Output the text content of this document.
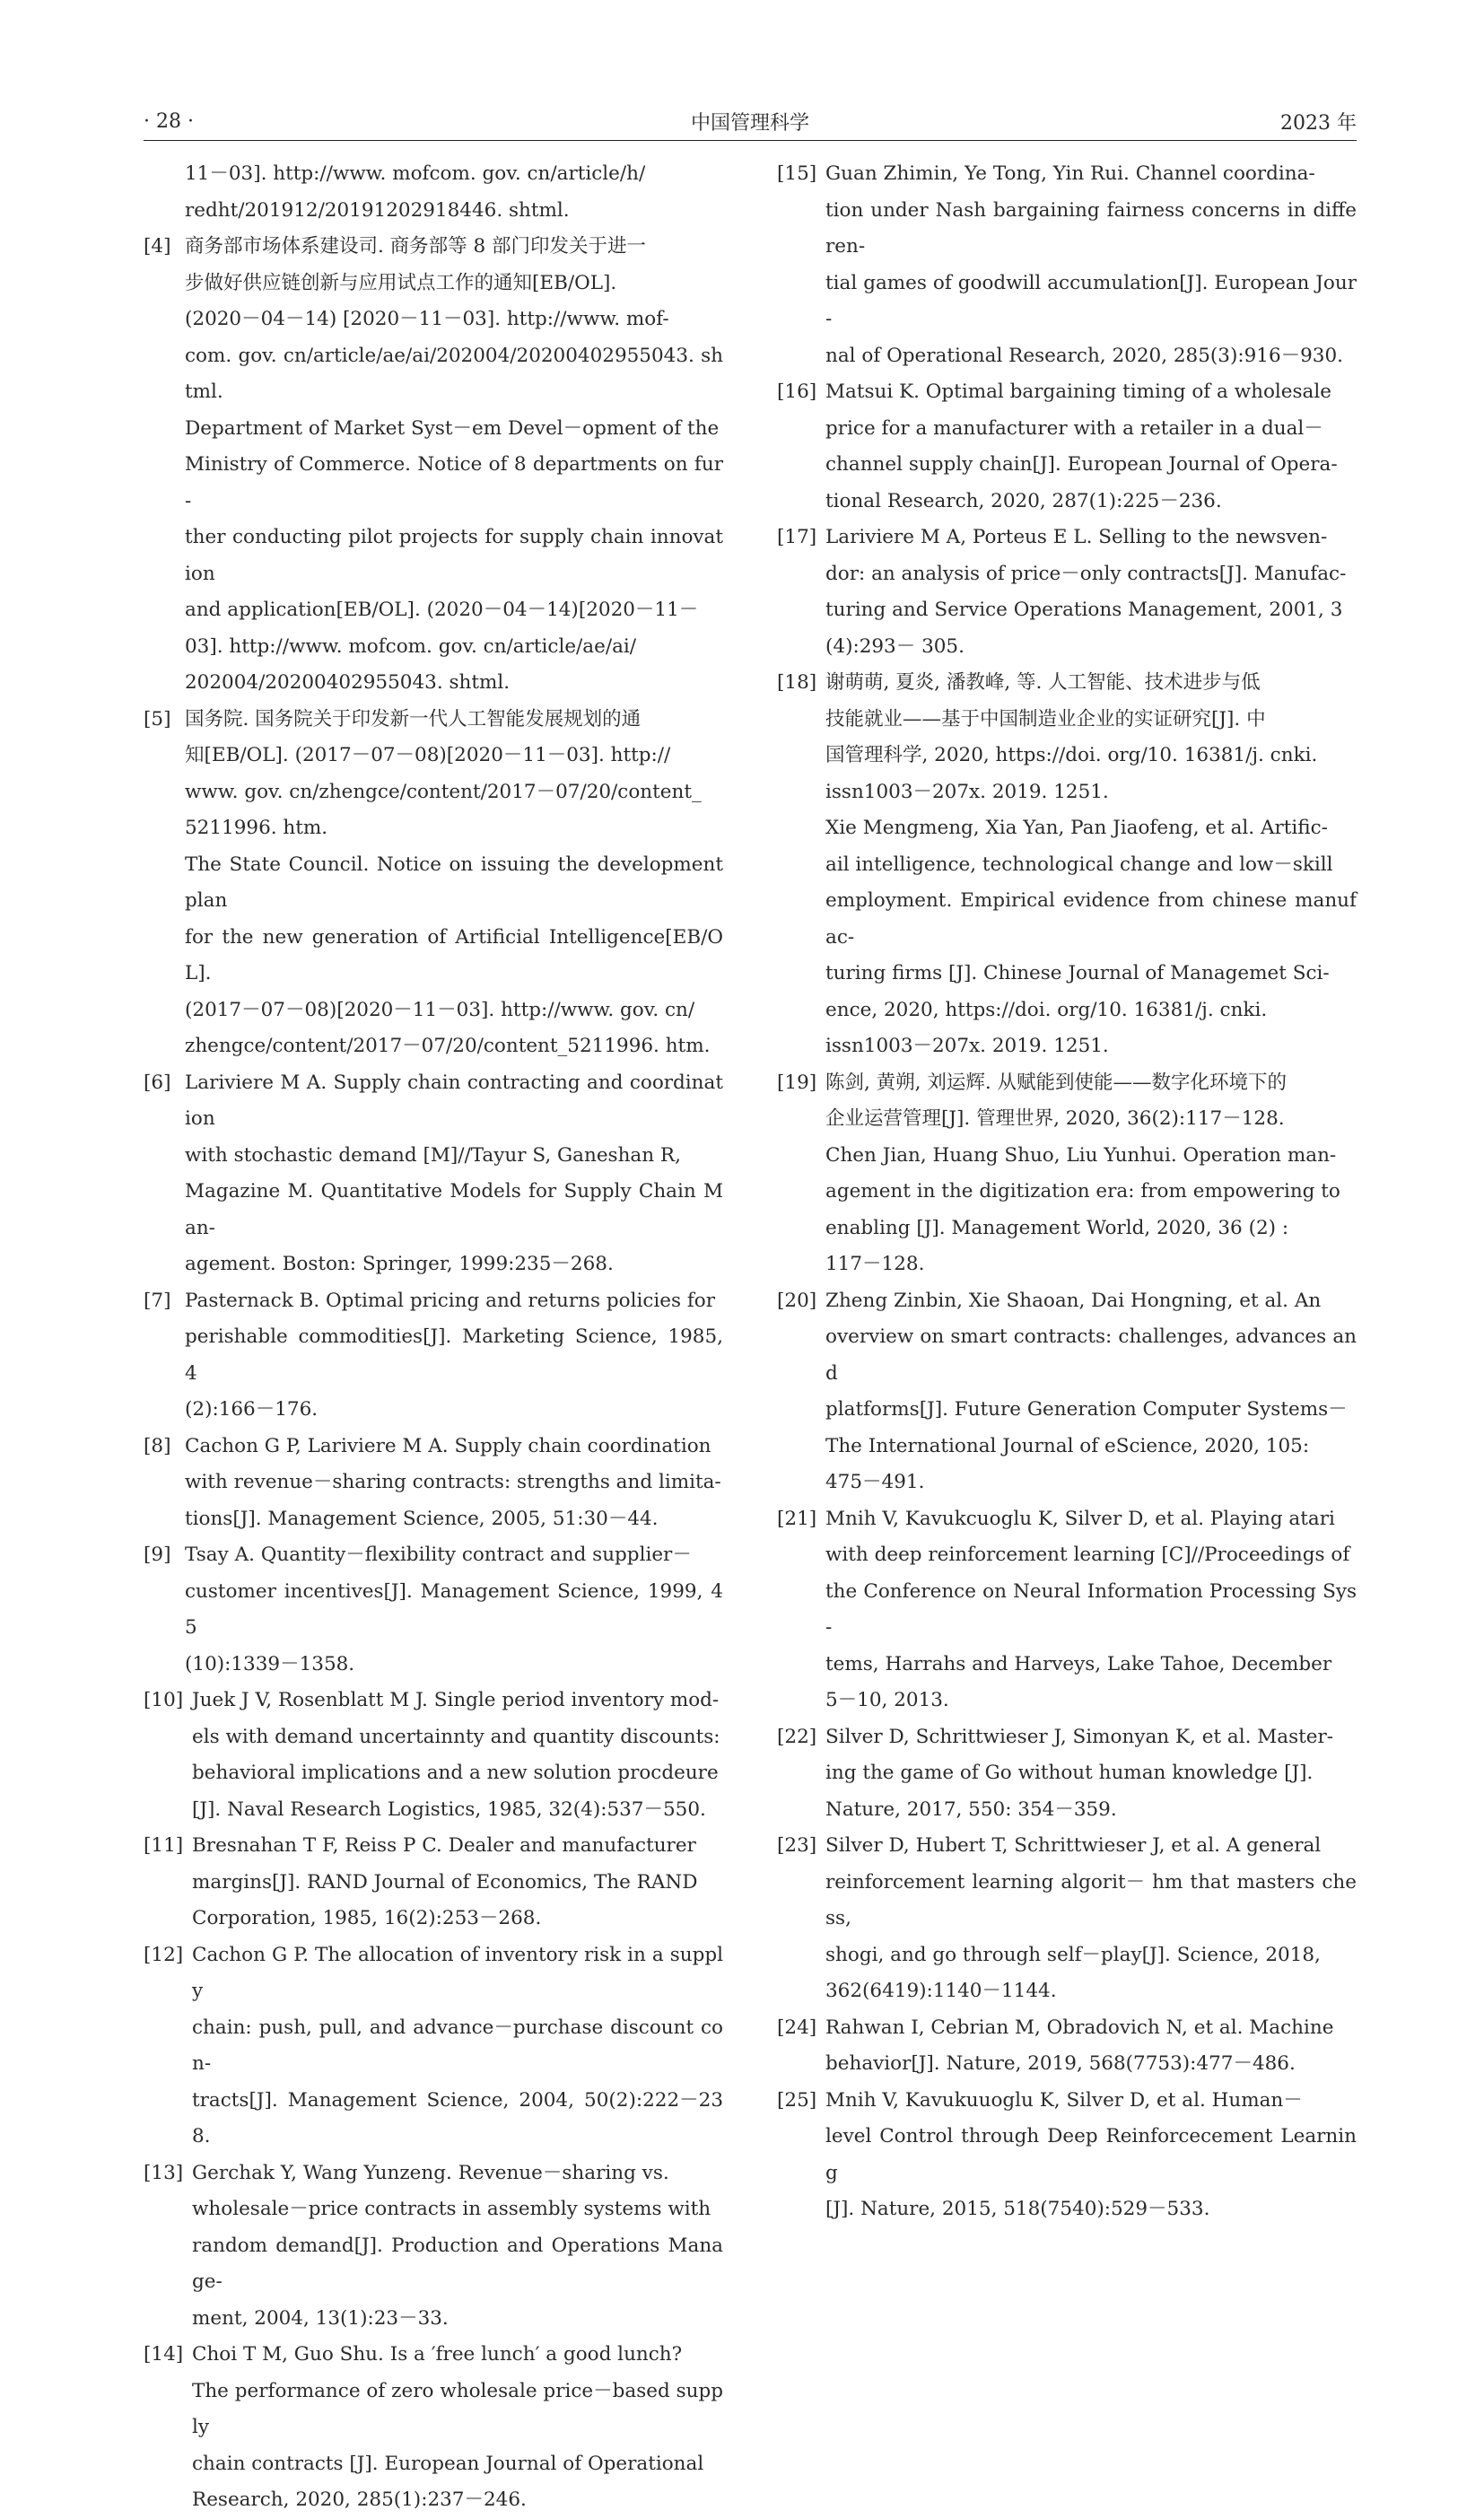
· 28 ·	中国管理科学	2023 年
11－03]. http://www. mofcom. gov. cn/article/h/
redht/201912/20191202918446. shtml.
[4] 商务部市场体系建设司. 商务部等 8 部门印发关于进一
步做好供应链创新与应用试点工作的通知[EB/OL].
(2020－04－14) [2020－11－03]. http://www. mof-
com. gov. cn/article/ae/ai/202004/20200402955043. shtml.
Department of Market Syst－em Devel－opment of the
Ministry of Commerce. Notice of 8 departments on fur-
ther conducting pilot projects for supply chain innovation
and application[EB/OL]. (2020－04－14)[2020－11－
03]. http://www. mofcom. gov. cn/article/ae/ai/
202004/20200402955043. shtml.
[5] 国务院. 国务院关于印发新一代人工智能发展规划的通
知[EB/OL]. (2017－07－08)[2020－11－03]. http://
www. gov. cn/zhengce/content/2017－07/20/content_
5211996. htm.
The State Council. Notice on issuing the development plan
for the new generation of Artificial Intelligence[EB/OL].
(2017－07－08)[2020－11－03]. http://www. gov. cn/
zhengce/content/2017－07/20/content_5211996. htm.
[6] Lariviere M A. Supply chain contracting and coordination
with stochastic demand [M]//Tayur S, Ganeshan R,
Magazine M. Quantitative Models for Supply Chain Man-
agement. Boston: Springer, 1999:235－268.
[7] Pasternack B. Optimal pricing and returns policies for
perishable commodities[J]. Marketing Science, 1985, 4
(2):166－176.
[8] Cachon G P, Lariviere M A. Supply chain coordination
with revenue－sharing contracts: strengths and limita-
tions[J]. Management Science, 2005, 51:30－44.
[9] Tsay A. Quantity－flexibility contract and supplier－
customer incentives[J]. Management Science, 1999, 45
(10):1339－1358.
[10] Juek J V, Rosenblatt M J. Single period inventory mod-
els with demand uncertainnty and quantity discounts:
behavioral implications and a new solution procdeure
[J]. Naval Research Logistics, 1985, 32(4):537－550.
[11] Bresnahan T F, Reiss P C. Dealer and manufacturer
margins[J]. RAND Journal of Economics, The RAND
Corporation, 1985, 16(2):253－268.
[12] Cachon G P. The allocation of inventory risk in a supply
chain: push, pull, and advance－purchase discount con-
tracts[J]. Management Science, 2004, 50(2):222－238.
[13] Gerchak Y, Wang Yunzeng. Revenue－sharing vs.
wholesale－price contracts in assembly systems with
random demand[J]. Production and Operations Manage-
ment, 2004, 13(1):23－33.
[14] Choi T M, Guo Shu. Is a ′free lunch′ a good lunch?
The performance of zero wholesale price－based supply
chain contracts [J]. European Journal of Operational
Research, 2020, 285(1):237－246.
[15] Guan Zhimin, Ye Tong, Yin Rui. Channel coordina-
tion under Nash bargaining fairness concerns in differen-
tial games of goodwill accumulation[J]. European Jour-
nal of Operational Research, 2020, 285(3):916－930.
[16] Matsui K. Optimal bargaining timing of a wholesale
price for a manufacturer with a retailer in a dual－
channel supply chain[J]. European Journal of Opera-
tional Research, 2020, 287(1):225－236.
[17] Lariviere M A, Porteus E L. Selling to the newsven-
dor: an analysis of price－only contracts[J]. Manufac-
turing and Service Operations Management, 2001, 3
(4):293－ 305.
[18] 谢萌萌, 夏炎, 潘教峰, 等. 人工智能、技术进步与低
技能就业——基于中国制造业企业的实证研究[J]. 中
国管理科学, 2020, https://doi. org/10. 16381/j. cnki.
issn1003－207x. 2019. 1251.
Xie Mengmeng, Xia Yan, Pan Jiaofeng, et al. Artific-
ail intelligence, technological change and low－skill
employment. Empirical evidence from chinese manufac-
turing firms [J]. Chinese Journal of Managemet Sci-
ence, 2020, https://doi. org/10. 16381/j. cnki.
issn1003－207x. 2019. 1251.
[19] 陈剑, 黄朔, 刘运辉. 从赋能到使能——数字化环境下的
企业运营管理[J]. 管理世界, 2020, 36(2):117－128.
Chen Jian, Huang Shuo, Liu Yunhui. Operation man-
agement in the digitization era: from empowering to
enabling [J]. Management World, 2020, 36 (2) :
117－128.
[20] Zheng Zinbin, Xie Shaoan, Dai Hongning, et al. An
overview on smart contracts: challenges, advances and
platforms[J]. Future Generation Computer Systems－
The International Journal of eScience, 2020, 105:
475－491.
[21] Mnih V, Kavukcuoglu K, Silver D, et al. Playing atari
with deep reinforcement learning [C]//Proceedings of
the Conference on Neural Information Processing Sys-
tems, Harrahs and Harveys, Lake Tahoe, December
5－10, 2013.
[22] Silver D, Schrittwieser J, Simonyan K, et al. Master-
ing the game of Go without human knowledge [J].
Nature, 2017, 550: 354－359.
[23] Silver D, Hubert T, Schrittwieser J, et al. A general
reinforcement learning algorit－ hm that masters chess,
shogi, and go through self－play[J]. Science, 2018,
362(6419):1140－1144.
[24] Rahwan I, Cebrian M, Obradovich N, et al. Machine
behavior[J]. Nature, 2019, 568(7753):477－486.
[25] Mnih V, Kavukuuoglu K, Silver D, et al. Human－
level Control through Deep Reinforcecement Learning
[J]. Nature, 2015, 518(7540):529－533.
